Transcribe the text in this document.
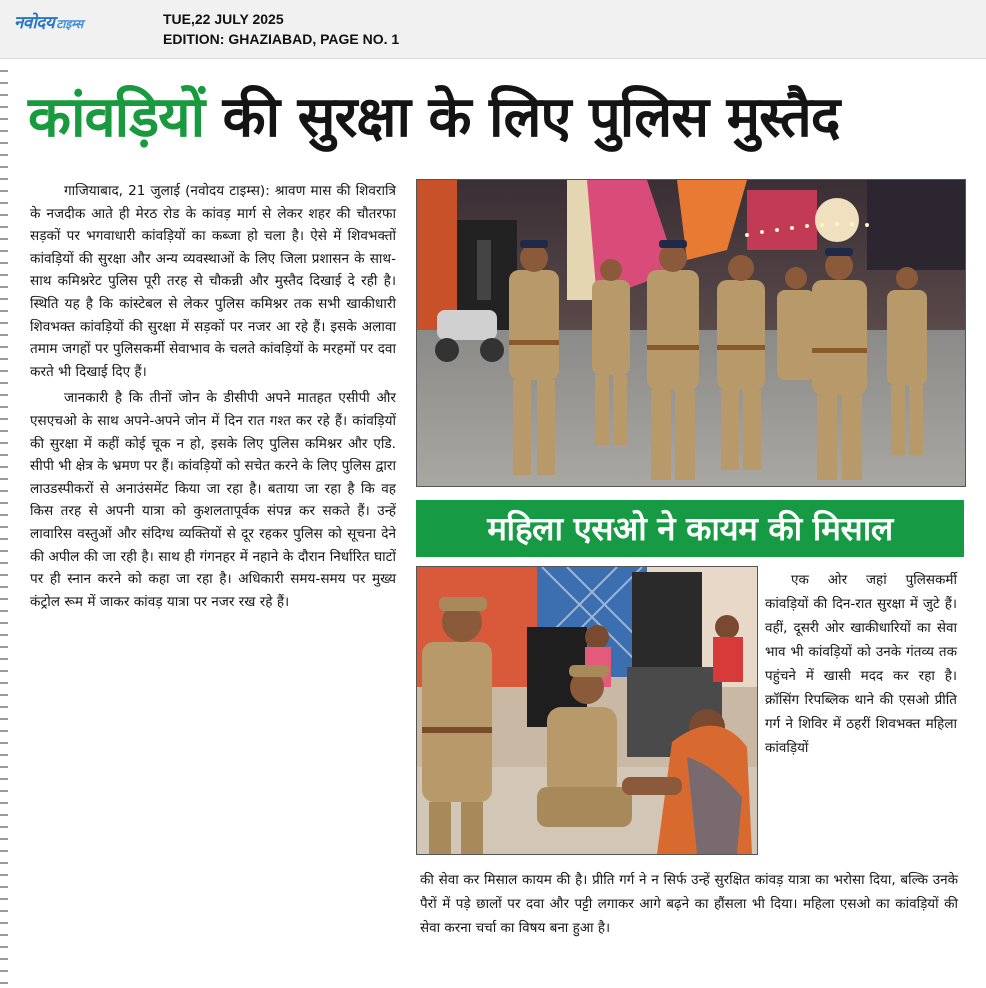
नवोदय टाइम्स	TUE,22 JULY 2025
EDITION: GHAZIABAD, PAGE NO. 1
कांवड़ियों की सुरक्षा के लिए पुलिस मुस्तैद

गाजियाबाद, 21 जुलाई (नवोदय टाइम्स): श्रावण मास की शिवरात्रि के नजदीक आते ही मेरठ रोड के कांवड़ मार्ग से लेकर शहर की चौतरफा सड़कों पर भगवाधारी कांवड़ियों का कब्जा हो चला है। ऐसे में शिवभक्तों कांवड़ियों की सुरक्षा और अन्य व्यवस्थाओं के लिए जिला प्रशासन के साथ-साथ कमिश्नरेट पुलिस पूरी तरह से चौकन्नी और मुस्तैद दिखाई दे रही है। स्थिति यह है कि कांस्टेबल से लेकर पुलिस कमिश्नर तक सभी खाकीधारी शिवभक्त कांवड़ियों की सुरक्षा में सड़कों पर नजर आ रहे हैं। इसके अलावा तमाम जगहों पर पुलिसकर्मी सेवाभाव के चलते कांवड़ियों के मरहमों पर दवा करते भी दिखाई दिए हैं।

जानकारी है कि तीनों जोन के डीसीपी अपने मातहत एसीपी और एसएचओ के साथ अपने-अपने जोन में दिन रात गश्त कर रहे हैं। कांवड़ियों की सुरक्षा में कहीं कोई चूक न हो, इसके लिए पुलिस कमिश्नर और एडि. सीपी भी क्षेत्र के भ्रमण पर हैं। कांवड़ियों को सचेत करने के लिए पुलिस द्वारा लाउडस्पीकरों से अनाउंसमेंट किया जा रहा है। बताया जा रहा है कि वह किस तरह से अपनी यात्रा को कुशलतापूर्वक संपन्न कर सकते हैं। उन्हें लावारिस वस्तुओं और संदिग्ध व्यक्तियों से दूर रहकर पुलिस को सूचना देने की अपील की जा रही है। साथ ही गंगनहर में नहाने के दौरान निर्धारित घाटों पर ही स्नान करने को कहा जा रहा है। अधिकारी समय-समय पर मुख्य कंट्रोल रूम में जाकर कांवड़ यात्रा पर नजर रख रहे हैं।

महिला एसओ ने कायम की मिसाल
एक ओर जहां पुलिसकर्मी कांवड़ियों की दिन-रात सुरक्षा में जुटे हैं। वहीं, दूसरी ओर खाकीधारियों का सेवा भाव भी कांवड़ियों को उनके गंतव्य तक पहुंचने में खासी मदद कर रहा है। क्रॉसिंग रिपब्लिक थाने की एसओ प्रीति गर्ग ने शिविर में ठहरीं शिवभक्त महिला कांवड़ियों
की सेवा कर मिसाल कायम की है। प्रीति गर्ग ने न सिर्फ उन्हें सुरक्षित कांवड़ यात्रा का भरोसा दिया, बल्कि उनके पैरों में पड़े छालों पर दवा और पट्टी लगाकर आगे बढ़ने का हौंसला भी दिया। महिला एसओ का कांवड़ियों की सेवा करना चर्चा का विषय बना हुआ है।
